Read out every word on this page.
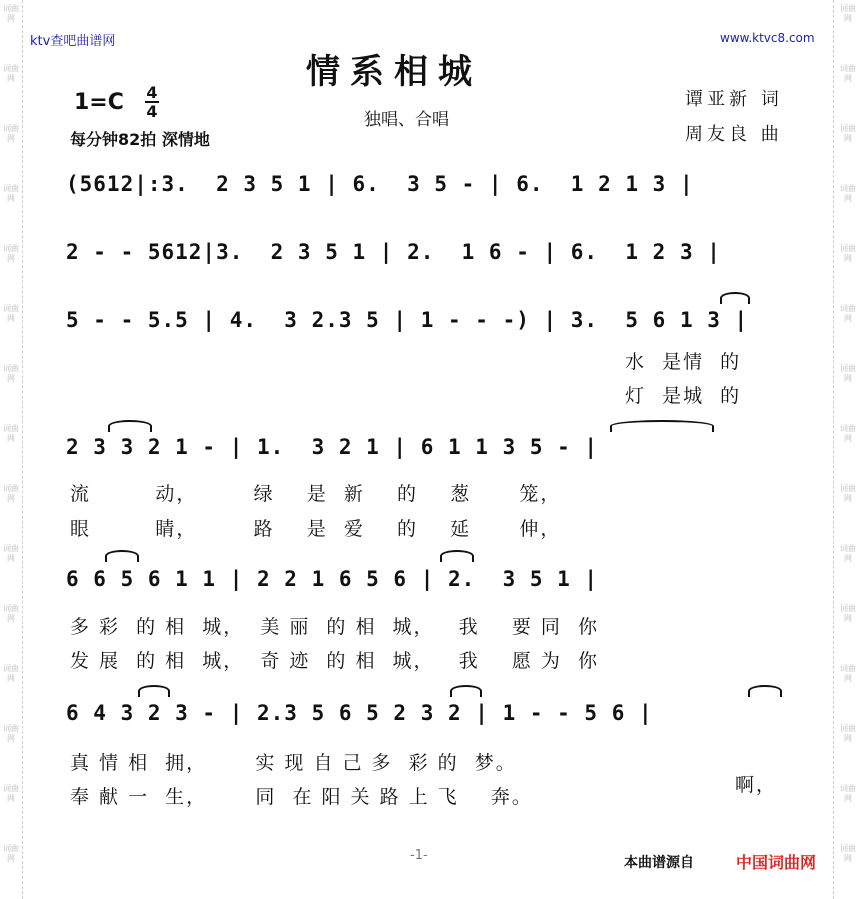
词曲网
词曲网
词曲网
词曲网
词曲网
词曲网
词曲网
词曲网
词曲网
词曲网
词曲网
词曲网
词曲网
词曲网
词曲网
词曲网
词曲网
词曲网
词曲网
词曲网
词曲网
词曲网
词曲网
词曲网
词曲网
词曲网
词曲网
词曲网
词曲网
词曲网
ktv查吧曲谱网	www.ktvc8.com
情系相城
1=C 4
4
每分钟82拍 深情地
独唱、合唱
谭亚新 词
周友良 曲
(5612|:3.  2 3 5 1 | 6.  3 5 - | 6.  1 2 1 3 |
2 - - 5612|3.  2 3 5 1 | 2.  1 6 - | 6.  1 2 3 |
5 - - 5.5 | 4.  3 2.3 5 | 1 - - -) | 3.  5 6 1 3 |
水  是情  的
灯  是城  的
2 3 3 2 1 - | 1.  3 2 1 | 6 1 1 3 5 - |
流        动，       绿    是  新    的    葱      笼，
眼        睛，       路    是  爱    的    延      伸，
6 6 5 6 1 1 | 2 2 1 6 5 6 | 2.  3 5 1 |
多 彩  的 相  城，  美 丽  的 相  城，   我    要 同  你
发 展  的 相  城，  奇 迹  的 相  城，   我    愿 为  你
6 4 3 2 3 - | 2.3 5 6 5 2 3 2 | 1 - - 5 6 |
真 情 相  拥，      实 现 自 己 多  彩 的  梦。
奉 献 一  生，      同  在 阳 关 路 上 飞    奔。
啊，
-1-	本曲谱源自	中国词曲网
